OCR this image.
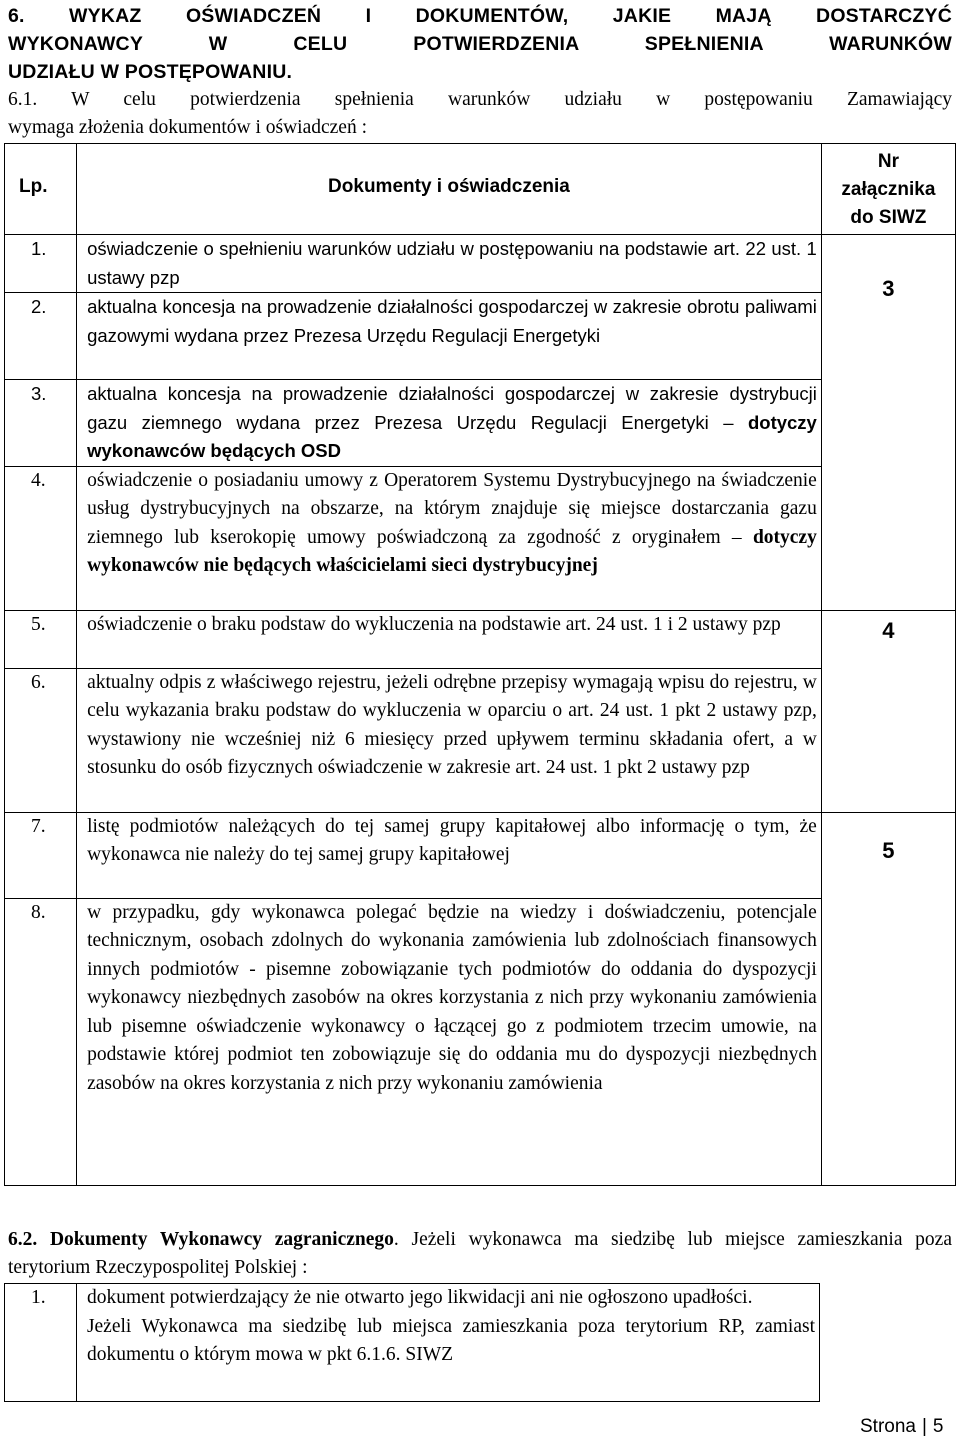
6. WYKAZ OŚWIADCZEŃ I DOKUMENTÓW, JAKIE MAJĄ DOSTARCZYĆ
WYKONAWCY W CELU POTWIERDZENIA SPEŁNIENIA WARUNKÓW
UDZIAŁU W POSTĘPOWANIU.
6.1. W celu potwierdzenia spełnienia warunków udziału w postępowaniu Zamawiający
wymaga złożenia dokumentów i oświadczeń :
Lp.	Dokumenty i oświadczenia	Nr
załącznika
do SIWZ
1.	oświadczenie o spełnieniu warunków udziału w postępowaniu na podstawie art. 22 ust. 1 ustawy pzp	3
2.	aktualna koncesja na prowadzenie działalności gospodarczej w zakresie obrotu paliwami gazowymi wydana przez Prezesa Urzędu Regulacji Energetyki	
3.	aktualna koncesja na prowadzenie działalności gospodarczej w zakresie dystrybucji gazu ziemnego wydana przez Prezesa Urzędu Regulacji Energetyki – dotyczy wykonawców będących OSD	
4.	oświadczenie o posiadaniu umowy z Operatorem Systemu Dystrybucyjnego na świadczenie usług dystrybucyjnych na obszarze, na którym znajduje się miejsce dostarczania gazu ziemnego lub kserokopię umowy poświadczoną za zgodność z oryginałem – dotyczy wykonawców nie będących właścicielami sieci dystrybucyjnej	
5.	oświadczenie o braku podstaw do wykluczenia na podstawie art. 24 ust. 1 i 2 ustawy pzp	4
6.	aktualny odpis z właściwego rejestru, jeżeli odrębne przepisy wymagają wpisu do rejestru, w celu wykazania braku podstaw do wykluczenia w oparciu o art. 24 ust. 1 pkt 2 ustawy pzp, wystawiony nie wcześniej niż 6 miesięcy przed upływem terminu składania ofert, a w stosunku do osób fizycznych oświadczenie w zakresie art. 24 ust. 1 pkt 2 ustawy pzp	
7.	listę podmiotów należących do tej samej grupy kapitałowej albo informację o tym, że wykonawca nie należy do tej samej grupy kapitałowej	5
8.	w przypadku, gdy wykonawca polegać będzie na wiedzy i doświadczeniu, potencjale technicznym, osobach zdolnych do wykonania zamówienia lub zdolnościach finansowych innych podmiotów - pisemne zobowiązanie tych podmiotów do oddania do dyspozycji wykonawcy niezbędnych zasobów na okres korzystania z nich przy wykonaniu zamówienia lub pisemne oświadczenie wykonawcy o łączącej go z podmiotem trzecim umowie, na podstawie której podmiot ten zobowiązuje się do oddania mu do dyspozycji niezbędnych zasobów na okres korzystania z nich przy wykonaniu zamówienia	
6.2. Dokumenty Wykonawcy zagranicznego. Jeżeli wykonawca ma siedzibę lub miejsce zamieszkania poza terytorium Rzeczypospolitej Polskiej :
1.	dokument potwierdzający że nie otwarto jego likwidacji ani nie ogłoszono upadłości.
Jeżeli Wykonawca ma siedzibę lub miejsca zamieszkania poza terytorium RP, zamiast dokumentu o którym mowa w pkt 6.1.6. SIWZ
Strona | 5
